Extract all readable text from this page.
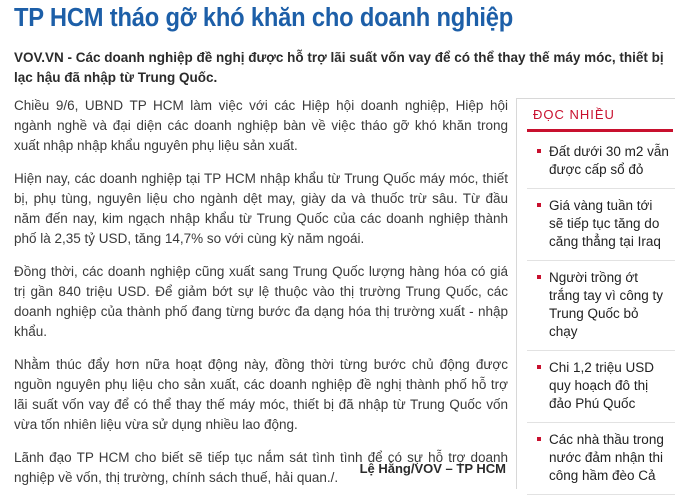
TP HCM tháo gỡ khó khăn cho doanh nghiệp

VOV.VN - Các doanh nghiệp đề nghị được hỗ trợ lãi suất vốn vay để có thể thay thế máy móc, thiết bị lạc hậu đã nhập từ Trung Quốc.

Chiều 9/6, UBND TP HCM làm việc với các Hiệp hội doanh nghiệp, Hiệp hội ngành nghề và đại diện các doanh nghiệp bàn về việc tháo gỡ khó khăn trong xuất nhập nhập khẩu nguyên phụ liệu sản xuất.

Hiện nay, các doanh nghiệp tại TP HCM nhập khẩu từ Trung Quốc máy móc, thiết bị, phụ tùng, nguyên liệu cho ngành dệt may, giày da và thuốc trừ sâu. Từ đầu năm đến nay, kim ngạch nhập khẩu từ Trung Quốc của các doanh nghiệp thành phố là 2,35 tỷ USD, tăng 14,7% so với cùng kỳ năm ngoái.

Đồng thời, các doanh nghiệp cũng xuất sang Trung Quốc lượng hàng hóa có giá trị gần 840 triệu USD. Để giảm bớt sự lệ thuộc vào thị trường Trung Quốc, các doanh nghiệp của thành phố đang từng bước đa dạng hóa thị trường xuất - nhập khẩu.

Nhằm thúc đẩy hơn nữa hoạt động này, đồng thời từng bước chủ động được nguồn nguyên phụ liệu cho sản xuất, các doanh nghiệp đề nghị thành phố hỗ trợ lãi suất vốn vay để có thể thay thế máy móc, thiết bị đã nhập từ Trung Quốc vốn vừa tốn nhiên liệu vừa sử dụng nhiều lao động.

Lãnh đạo TP HCM cho biết sẽ tiếp tục nắm sát tình tình để có sự hỗ trợ doanh nghiệp về vốn, thị trường, chính sách thuế, hải quan./.

Lệ Hằng/VOV – TP HCM
ĐỌC NHIỀU
Đất dưới 30 m2 vẫn được cấp sổ đỏ
Giá vàng tuần tới sẽ tiếp tục tăng do căng thẳng tại Iraq
Người trồng ớt trắng tay vì công ty Trung Quốc bỏ chạy
Chi 1,2 triệu USD quy hoạch đô thị đảo Phú Quốc
Các nhà thầu trong nước đảm nhận thi công hầm đèo Cả
